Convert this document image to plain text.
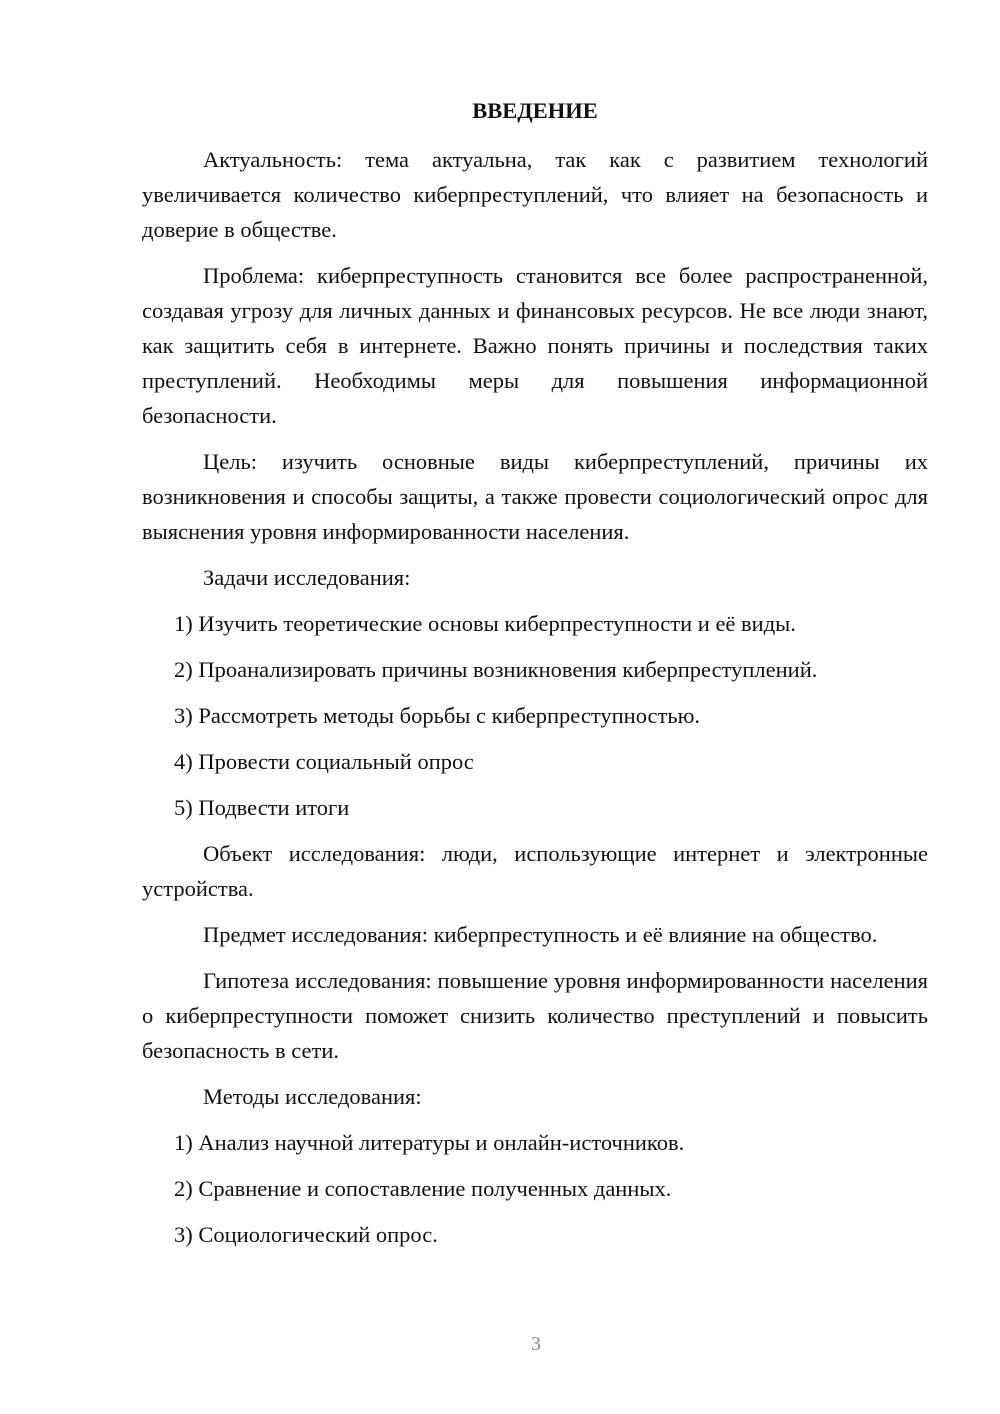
ВВЕДЕНИЕ

Актуальность: тема актуальна, так как с развитием технологий увеличивается количество киберпреступлений, что влияет на безопасность и доверие в обществе.

Проблема: киберпреступность становится все более распространенной, создавая угрозу для личных данных и финансовых ресурсов. Не все люди знают, как защитить себя в интернете. Важно понять причины и последствия таких преступлений. Необходимы меры для повышения информационной безопасности.

Цель: изучить основные виды киберпреступлений, причины их возникновения и способы защиты, а также провести социологический опрос для выяснения уровня информированности населения.

Задачи исследования:

1) Изучить теоретические основы киберпреступности и её виды.

2) Проанализировать причины возникновения киберпреступлений.

3) Рассмотреть методы борьбы с киберпреступностью.

4) Провести социальный опрос

5) Подвести итоги

Объект исследования: люди, использующие интернет и электронные устройства.

Предмет исследования: киберпреступность и её влияние на общество.

Гипотеза исследования: повышение уровня информированности населения о киберпреступности поможет снизить количество преступлений и повысить безопасность в сети.

Методы исследования:

1) Анализ научной литературы и онлайн-источников.

2) Сравнение и сопоставление полученных данных.

3) Социологический опрос.

3
